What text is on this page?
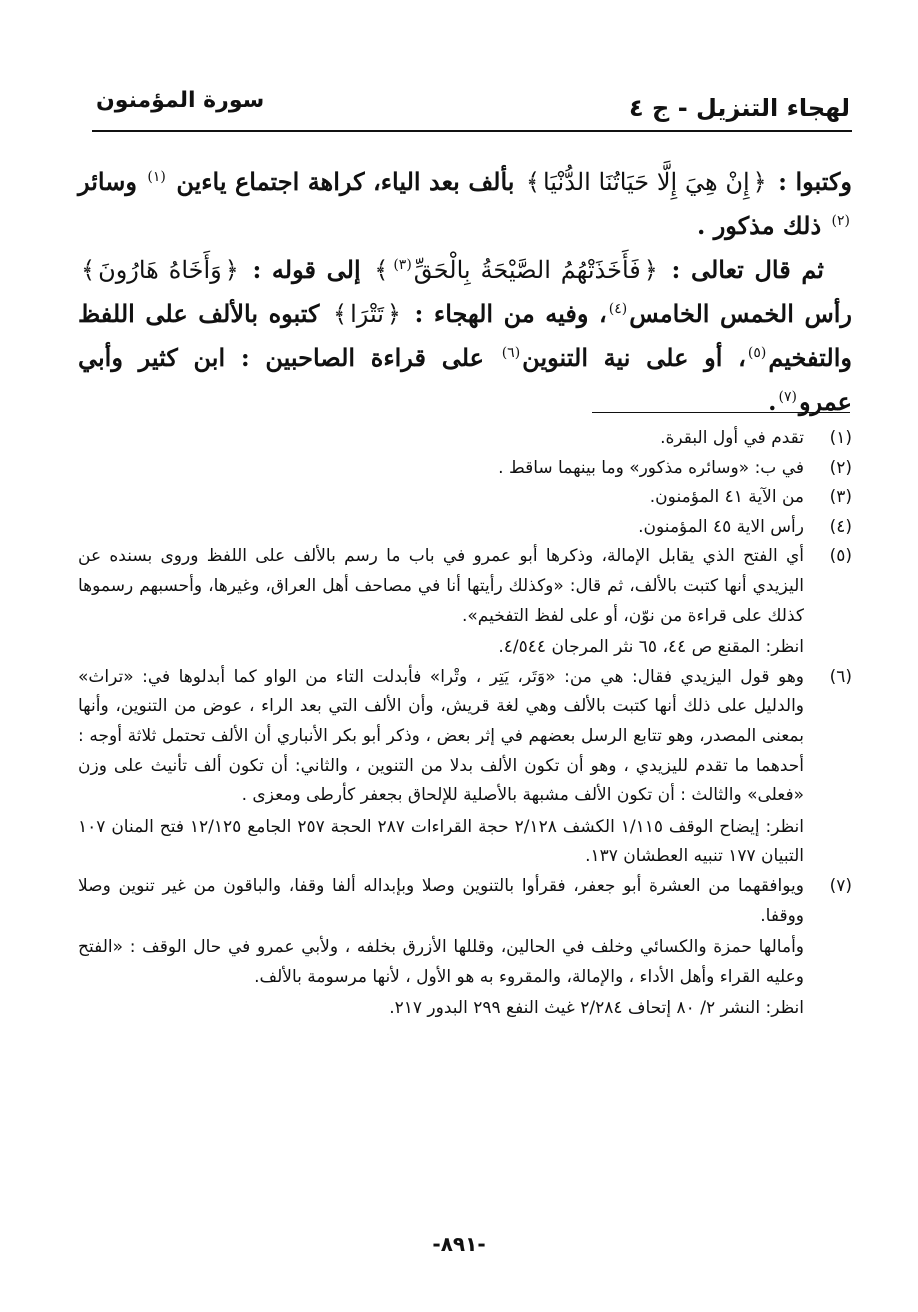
لهجاء التنزيل - ج ٤
سورة المؤمنون

وكتبوا : ﴿إِنْ هِيَ إِلَّا حَيَاتُنَا الدُّنْيَا﴾ بألف بعد الياء، كراهة اجتماع ياءين $^{(١)}$ وسائر $^{(٢)}$ ذلك مذكور .

ثم قال تعالى : ﴿فَأَخَذَتْهُمُ الصَّيْحَةُ بِالْحَقِّ$^{(٣)}$﴾ إلى قوله : ﴿وَأَخَاهُ هَارُونَ﴾ رأس الخمس الخامس$^{(٤)}$، وفيه من الهجاء : ﴿تَتْرَا﴾ كتبوه بالألف على اللفظ والتفخيم$^{(٥)}$، أو على نية التنوين$^{(٦)}$ على قراءة الصاحبين : ابن كثير وأبي عمرو$^{(٧)}$.

(١)

تقدم في أول البقرة.

(٢)

في ب: «وسائره مذكور» وما بينهما ساقط .

(٣)

من الآية ٤١ المؤمنون.

(٤)

رأس الاية ٤٥ المؤمنون.

(٥)

أي الفتح الذي يقابل الإمالة، وذكرها أبو عمرو في باب ما رسم بالألف على اللفظ وروى بسنده عن اليزيدي أنها كتبت بالألف، ثم قال: «وكذلك رأيتها أنا في مصاحف أهل العراق، وغيرها، وأحسبهم رسموها كذلك على قراءة من نوّن، أو على لفظ التفخيم».

انظر: المقنع ص ٤٤، ٦٥ نثر المرجان ٤/٥٤٤.

(٦)

وهو قول اليزيدي فقال: هي من: «وَتَر، يَتِر ، وتْرا» فأبدلت التاء من الواو كما أبدلوها في: «تراث» والدليل على ذلك أنها كتبت بالألف وهي لغة قريش، وأن الألف التي بعد الراء ، عوض من التنوين، وأنها بمعنى المصدر، وهو تتابع الرسل بعضهم في إثر بعض ، وذكر أبو بكر الأنباري أن الألف تحتمل ثلاثة أوجه : أحدهما ما تقدم لليزيدي ، وهو أن تكون الألف بدلا من التنوين ، والثاني: أن تكون ألف تأنيث على وزن «فعلى» والثالث : أن تكون الألف مشبهة بالأصلية للإلحاق بجعفر كأرطى ومعزى .

انظر: إيضاح الوقف ١/١١٥ الكشف ٢/١٢٨ حجة القراءات ٢٨٧ الحجة ٢٥٧ الجامع ١٢/١٢٥ فتح المنان ١٠٧ التبيان ١٧٧ تنبيه العطشان ١٣٧.

(٧)

ويوافقهما من العشرة أبو جعفر، فقرأوا بالتنوين وصلا وبإبداله ألفا وقفا، والباقون من غير تنوين وصلا ووقفا.

وأمالها حمزة والكسائي وخلف في الحالين، وقللها الأزرق بخلفه ، ولأبي عمرو في حال الوقف : «الفتح وعليه القراء وأهل الأداء ، والإمالة، والمقروء به هو الأول ، لأنها مرسومة بالألف.

انظر: النشر ٢/ ٨٠ إتحاف ٢/٢٨٤ غيث النفع ٢٩٩ البدور ٢١٧.

-٨٩١-
